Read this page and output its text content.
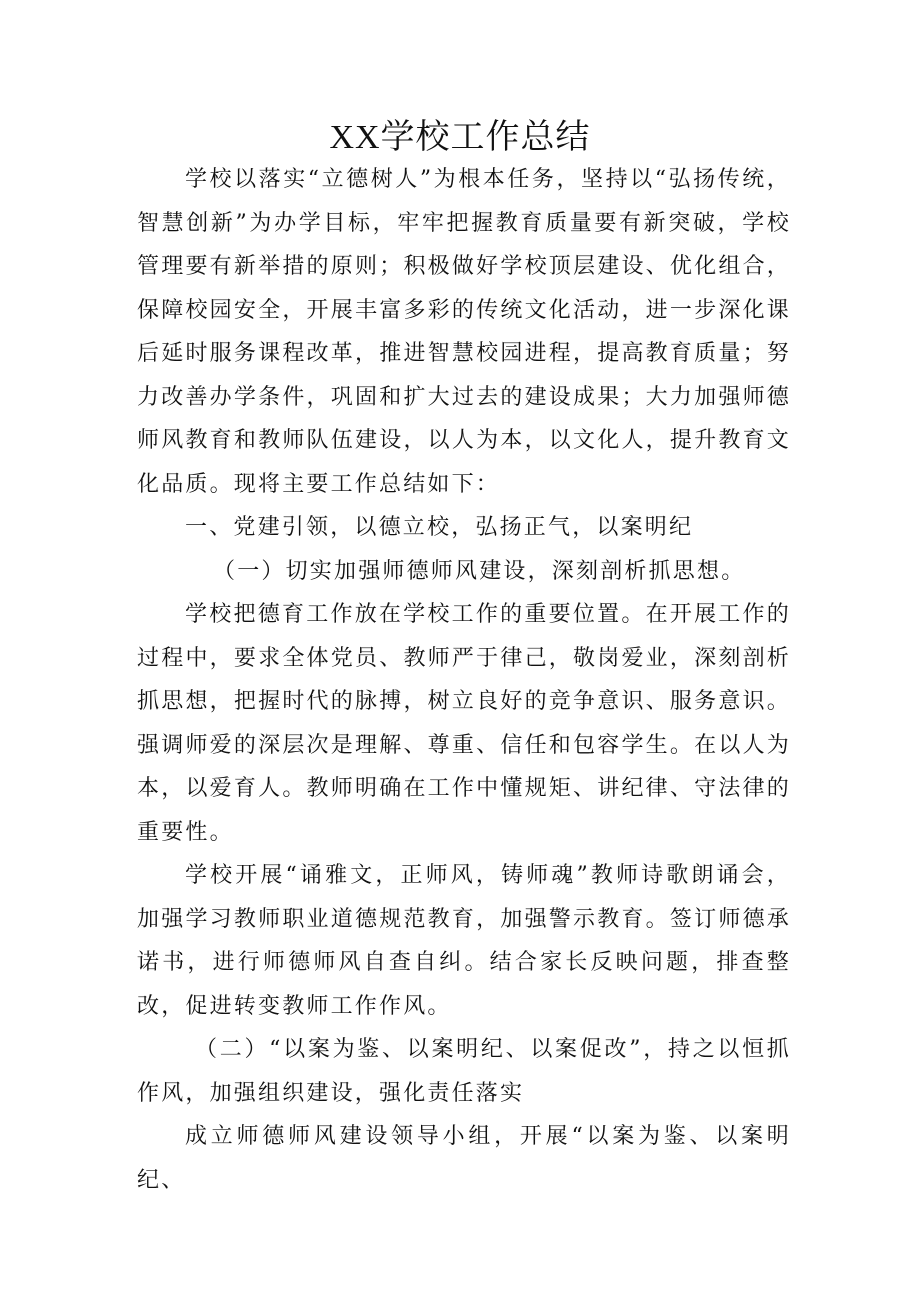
XX学校工作总结

学校以落实“立德树人”为根本任务，坚持以“弘扬传统，智慧创新”为办学目标，牢牢把握教育质量要有新突破，学校管理要有新举措的原则；积极做好学校顶层建设、优化组合，保障校园安全，开展丰富多彩的传统文化活动，进一步深化课后延时服务课程改革，推进智慧校园进程，提高教育质量；努力改善办学条件，巩固和扩大过去的建设成果；大力加强师德师风教育和教师队伍建设，以人为本，以文化人，提升教育文化品质。现将主要工作总结如下：

一、党建引领，以德立校，弘扬正气，以案明纪

（一）切实加强师德师风建设，深刻剖析抓思想。

学校把德育工作放在学校工作的重要位置。在开展工作的过程中，要求全体党员、教师严于律己，敬岗爱业，深刻剖析抓思想，把握时代的脉搏，树立良好的竞争意识、服务意识。强调师爱的深层次是理解、尊重、信任和包容学生。在以人为本，以爱育人。教师明确在工作中懂规矩、讲纪律、守法律的重要性。

学校开展“诵雅文，正师风，铸师魂”教师诗歌朗诵会，加强学习教师职业道德规范教育，加强警示教育。签订师德承诺书，进行师德师风自查自纠。结合家长反映问题，排查整改，促进转变教师工作作风。

（二）“以案为鉴、以案明纪、以案促改”，持之以恒抓作风，加强组织建设，强化责任落实

成立师德师风建设领导小组，开展“以案为鉴、以案明纪、
